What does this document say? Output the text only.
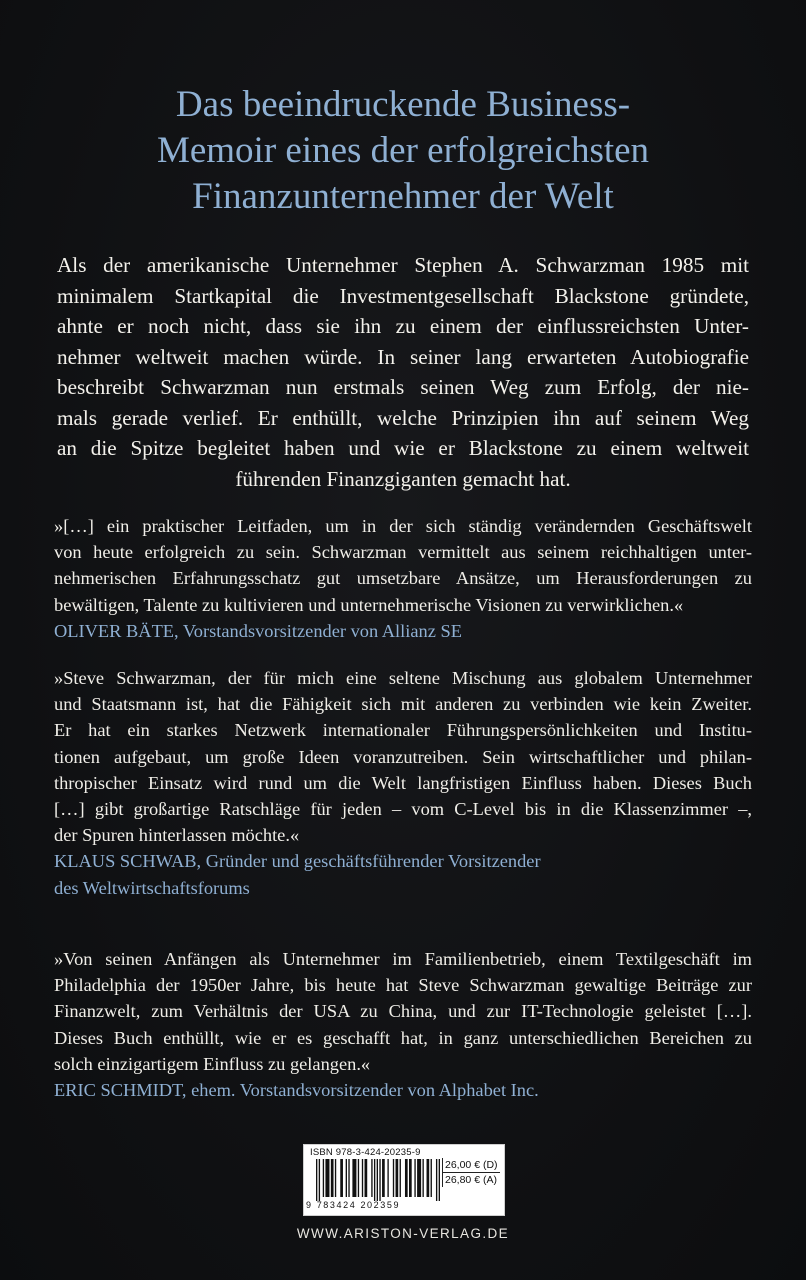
Das beeindruckende Business-
Memoir eines der erfolgreichsten
Finanzunternehmer der Welt
Als der amerikanische Unternehmer Stephen A. Schwarzman 1985 mit
minimalem Startkapital die Investmentgesellschaft Blackstone gründete,
ahnte er noch nicht, dass sie ihn zu einem der einflussreichsten Unter-
nehmer weltweit machen würde. In seiner lang erwarteten Autobiografie
beschreibt Schwarzman nun erstmals seinen Weg zum Erfolg, der nie-
mals gerade verlief. Er enthüllt, welche Prinzipien ihn auf seinem Weg
an die Spitze begleitet haben und wie er Blackstone zu einem weltweit
führenden Finanzgiganten gemacht hat.
»[…] ein praktischer Leitfaden, um in der sich ständig verändernden Geschäftswelt
von heute erfolgreich zu sein. Schwarzman vermittelt aus seinem reichhaltigen unter-
nehmerischen Erfahrungsschatz gut umsetzbare Ansätze, um Herausforderungen zu
bewältigen, Talente zu kultivieren und unternehmerische Visionen zu verwirklichen.«
OLIVER BÄTE, Vorstandsvorsitzender von Allianz SE
»Steve Schwarzman, der für mich eine seltene Mischung aus globalem Unternehmer
und Staatsmann ist, hat die Fähigkeit sich mit anderen zu verbinden wie kein Zweiter.
Er hat ein starkes Netzwerk internationaler Führungspersönlichkeiten und Institu-
tionen aufgebaut, um große Ideen voranzutreiben. Sein wirtschaftlicher und philan-
thropischer Einsatz wird rund um die Welt langfristigen Einfluss haben. Dieses Buch
[…] gibt großartige Ratschläge für jeden – vom C-Level bis in die Klassenzimmer –,
der Spuren hinterlassen möchte.«
KLAUS SCHWAB, Gründer und geschäftsführender Vorsitzender
des Weltwirtschaftsforums
»Von seinen Anfängen als Unternehmer im Familienbetrieb, einem Textilgeschäft im
Philadelphia der 1950er Jahre, bis heute hat Steve Schwarzman gewaltige Beiträge zur
Finanzwelt, zum Verhältnis der USA zu China, und zur IT-Technologie geleistet […].
Dieses Buch enthüllt, wie er es geschafft hat, in ganz unterschiedlichen Bereichen zu
solch einzigartigem Einfluss zu gelangen.«
ERIC SCHMIDT, ehem. Vorstandsvorsitzender von Alphabet Inc.
ISBN 978-3-424-20235-9
9 783424 202359
26,00 € (D)
26,80 € (A)
WWW.ARISTON-VERLAG.DE
